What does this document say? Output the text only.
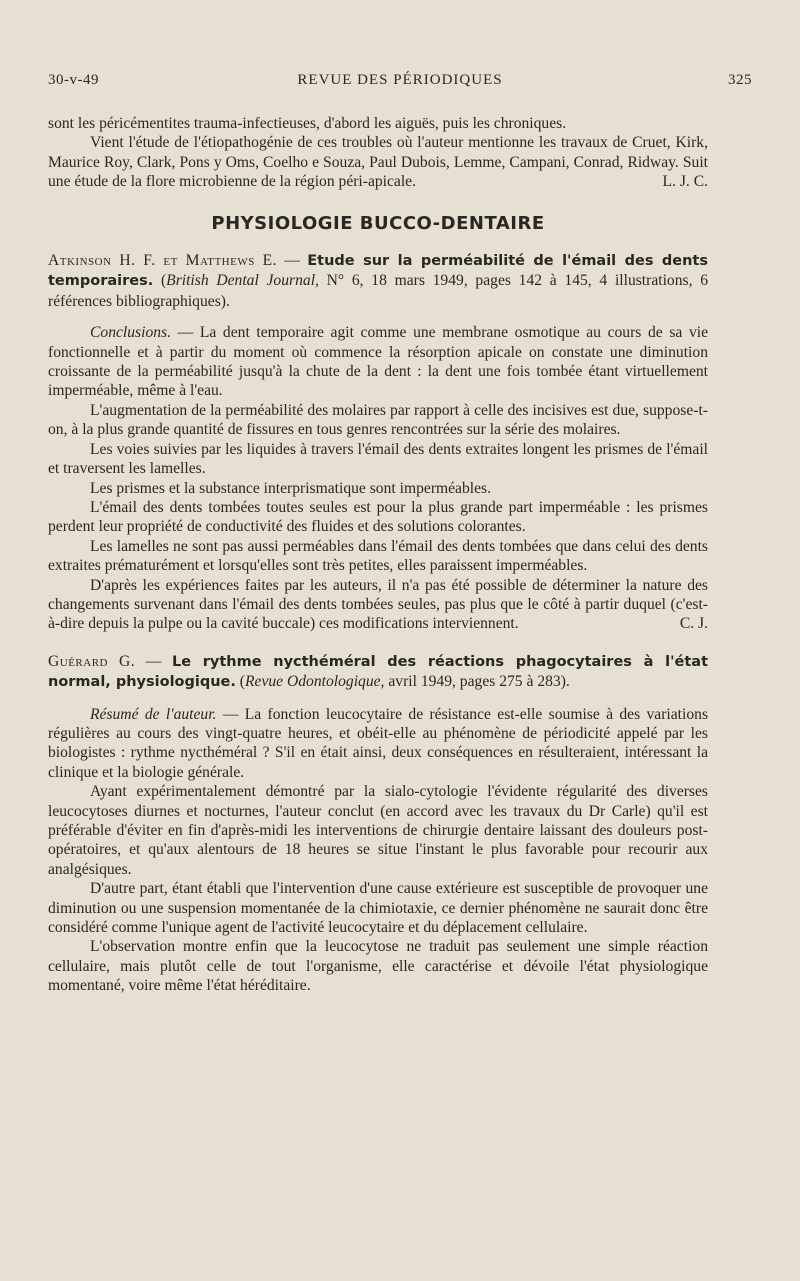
30-v-49	REVUE DES PÉRIODIQUES	325

sont les péricémentites trauma-infectieuses, d'abord les aiguës, puis les chroniques.

Vient l'étude de l'étiopathogénie de ces troubles où l'auteur mentionne les travaux de Cruet, Kirk, Maurice Roy, Clark, Pons y Oms, Coelho e Souza, Paul Dubois, Lemme, Campani, Conrad, Ridway. Suit une étude de la flore microbienne de la région péri-apicale.	L. J. C.

PHYSIOLOGIE BUCCO-DENTAIRE

Atkinson H. F. et Matthews E. — Etude sur la perméabilité de l'émail des dents temporaires. (British Dental Journal, N° 6, 18 mars 1949, pages 142 à 145, 4 illustrations, 6 références bibliographiques).

Conclusions. — La dent temporaire agit comme une membrane osmotique au cours de sa vie fonctionnelle et à partir du moment où commence la résorption apicale on constate une diminution croissante de la perméabilité jusqu'à la chute de la dent : la dent une fois tombée étant virtuellement imperméable, même à l'eau.

L'augmentation de la perméabilité des molaires par rapport à celle des incisives est due, suppose-t-on, à la plus grande quantité de fissures en tous genres rencontrées sur la série des molaires.

Les voies suivies par les liquides à travers l'émail des dents extraites longent les prismes de l'émail et traversent les lamelles.

Les prismes et la substance interprismatique sont imperméables.

L'émail des dents tombées toutes seules est pour la plus grande part imperméable : les prismes perdent leur propriété de conductivité des fluides et des solutions colorantes.

Les lamelles ne sont pas aussi perméables dans l'émail des dents tombées que dans celui des dents extraites prématurément et lorsqu'elles sont très petites, elles paraissent imperméables.

D'après les expériences faites par les auteurs, il n'a pas été possible de déterminer la nature des changements survenant dans l'émail des dents tombées seules, pas plus que le côté à partir duquel (c'est-à-dire depuis la pulpe ou la cavité buccale) ces modifications interviennent.	C. J.

Guérard G. — Le rythme nycthéméral des réactions phagocytaires à l'état normal, physiologique. (Revue Odontologique, avril 1949, pages 275 à 283).

Résumé de l'auteur. — La fonction leucocytaire de résistance est-elle soumise à des variations régulières au cours des vingt-quatre heures, et obéit-elle au phénomène de périodicité appelé par les biologistes : rythme nycthéméral ? S'il en était ainsi, deux conséquences en résulteraient, intéressant la clinique et la biologie générale.

Ayant expérimentalement démontré par la sialo-cytologie l'évidente régularité des diverses leucocytoses diurnes et nocturnes, l'auteur conclut (en accord avec les travaux du Dr Carle) qu'il est préférable d'éviter en fin d'après-midi les interventions de chirurgie dentaire laissant des douleurs post-opératoires, et qu'aux alentours de 18 heures se situe l'instant le plus favorable pour recourir aux analgésiques.

D'autre part, étant établi que l'intervention d'une cause extérieure est susceptible de provoquer une diminution ou une suspension momentanée de la chimiotaxie, ce dernier phénomène ne saurait donc être considéré comme l'unique agent de l'activité leucocytaire et du déplacement cellulaire.

L'observation montre enfin que la leucocytose ne traduit pas seulement une simple réaction cellulaire, mais plutôt celle de tout l'organisme, elle caractérise et dévoile l'état physiologique momentané, voire même l'état héréditaire.
